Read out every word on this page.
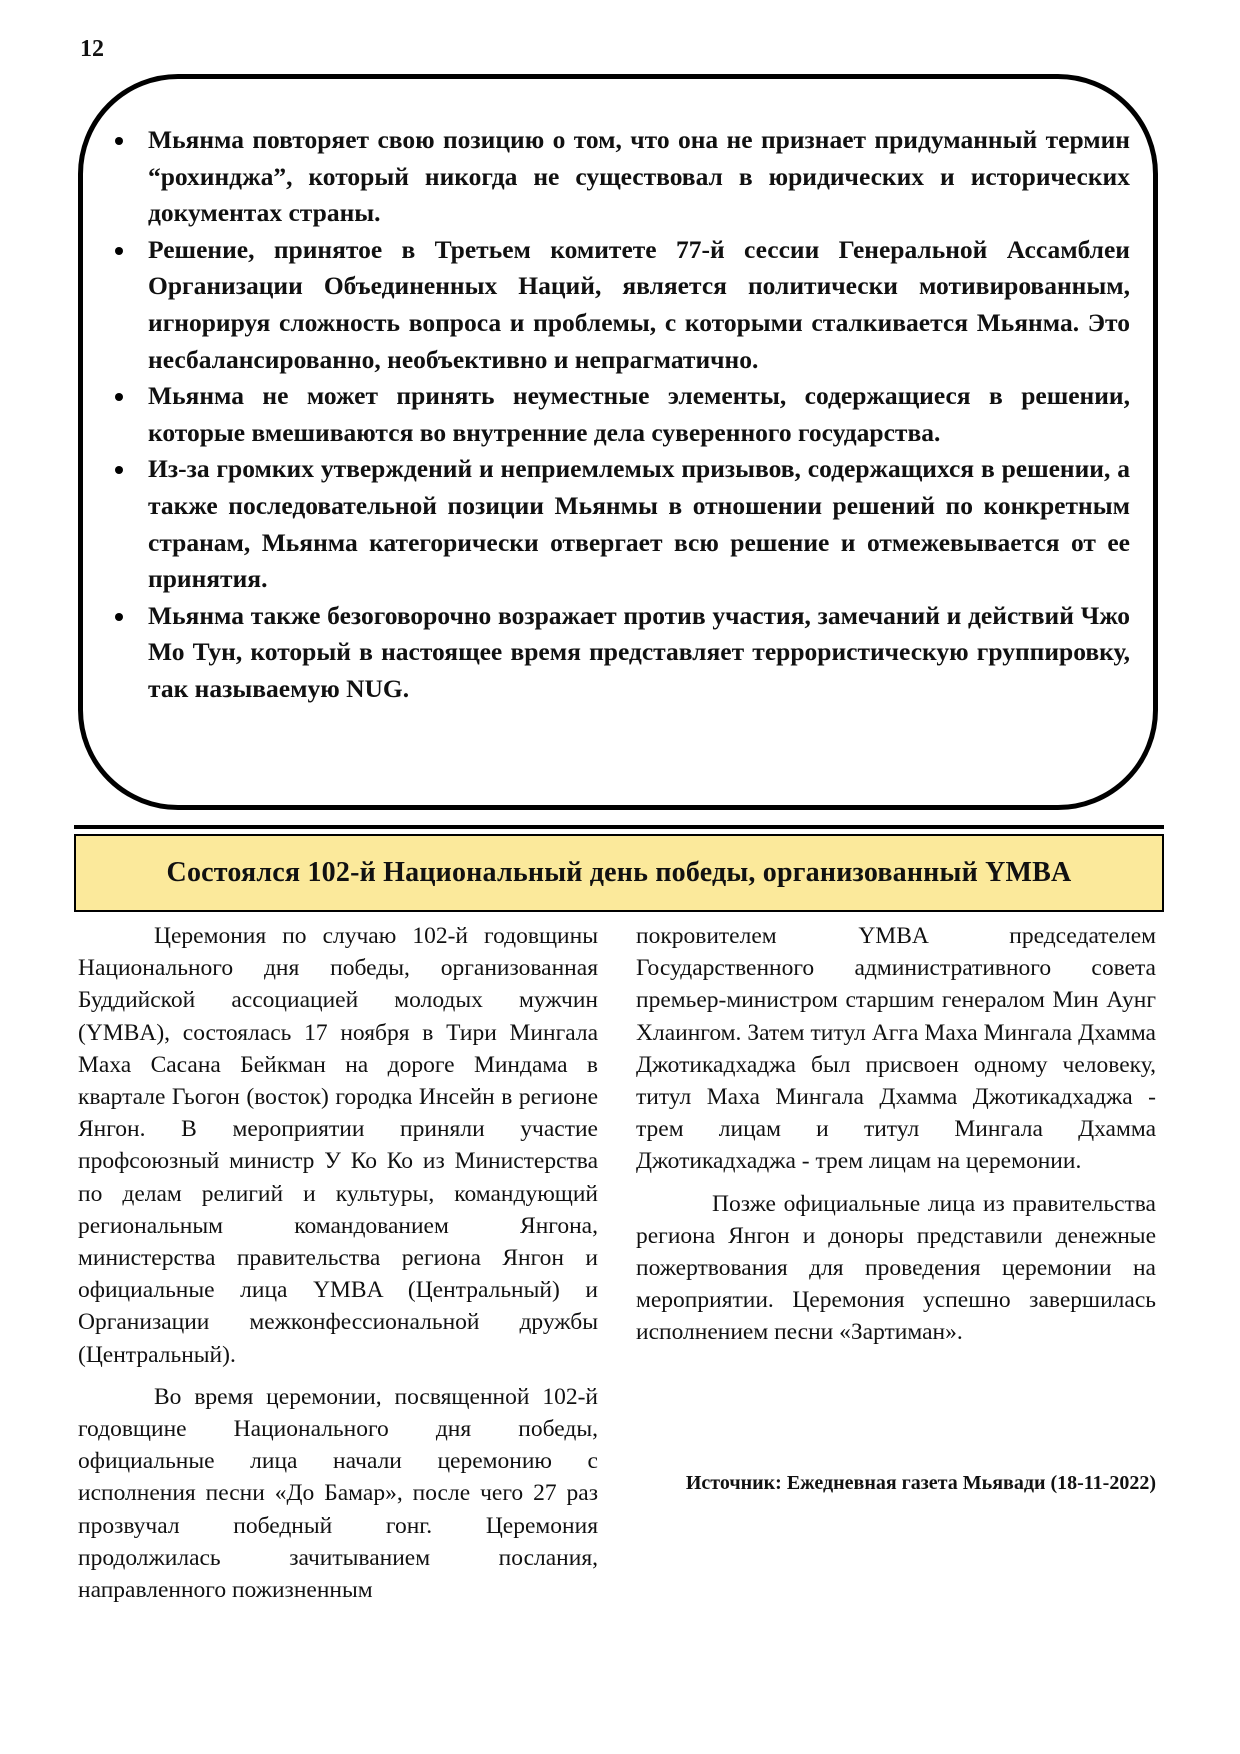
12
Мьянма повторяет свою позицию о том, что она не признает придуманный термин “рохинджа”, который никогда не существовал в юридических и исторических документах страны.
Решение, принятое в Третьем комитете 77-й сессии Генеральной Ассамблеи Организации Объединенных Наций, является политически мотивированным, игнорируя сложность вопроса и проблемы, с которыми сталкивается Мьянма. Это несбалансированно, необъективно и непрагматично.
Мьянма не может принять неуместные элементы, содержащиеся в решении, которые вмешиваются во внутренние дела суверенного государства.
Из-за громких утверждений и неприемлемых призывов, содержащихся в решении, а также последовательной позиции Мьянмы в отношении решений по конкретным странам, Мьянма категорически отвергает всю решение и отмежевывается от ее принятия.
Мьянма также безоговорочно возражает против участия, замечаний и действий Чжо Мо Тун, который в настоящее время представляет террористическую группировку, так называемую NUG.
Состоялся 102-й Национальный день победы, организованный YMBA

Церемония по случаю 102-й годовщины Национального дня победы, организованная Буддийской ассоциацией молодых мужчин (YMBA), состоялась 17 ноября в Тири Мингала Маха Сасана Бейкман на дороге Миндама в квартале Гьогон (восток) городка Инсейн в регионе Янгон. В мероприятии приняли участие профсоюзный министр У Ко Ко из Министерства по делам религий и культуры, командующий региональным командованием Янгона, министерства правительства региона Янгон и официальные лица YMBA (Центральный) и Организации межконфессиональной дружбы (Центральный).

Во время церемонии, посвященной 102-й годовщине Национального дня победы, официальные лица начали церемонию с исполнения песни «До Бамар», после чего 27 раз прозвучал победный гонг. Церемония продолжилась зачитыванием послания, направленного пожизненным

покровителем YMBA председателем Государственного административного совета премьер-министром старшим генералом Мин Аунг Хлаингом. Затем титул Агга Маха Мингала Дхамма Джотикадхаджа был присвоен одному человеку, титул Маха Мингала Дхамма Джотикадхаджа - трем лицам и титул Мингала Дхамма Джотикадхаджа - трем лицам на церемонии.

Позже официальные лица из правительства региона Янгон и доноры представили денежные пожертвования для проведения церемонии на мероприятии. Церемония успешно завершилась исполнением песни «Зартиман».

Источник: Ежедневная газета Мьявади (18-11-2022)
